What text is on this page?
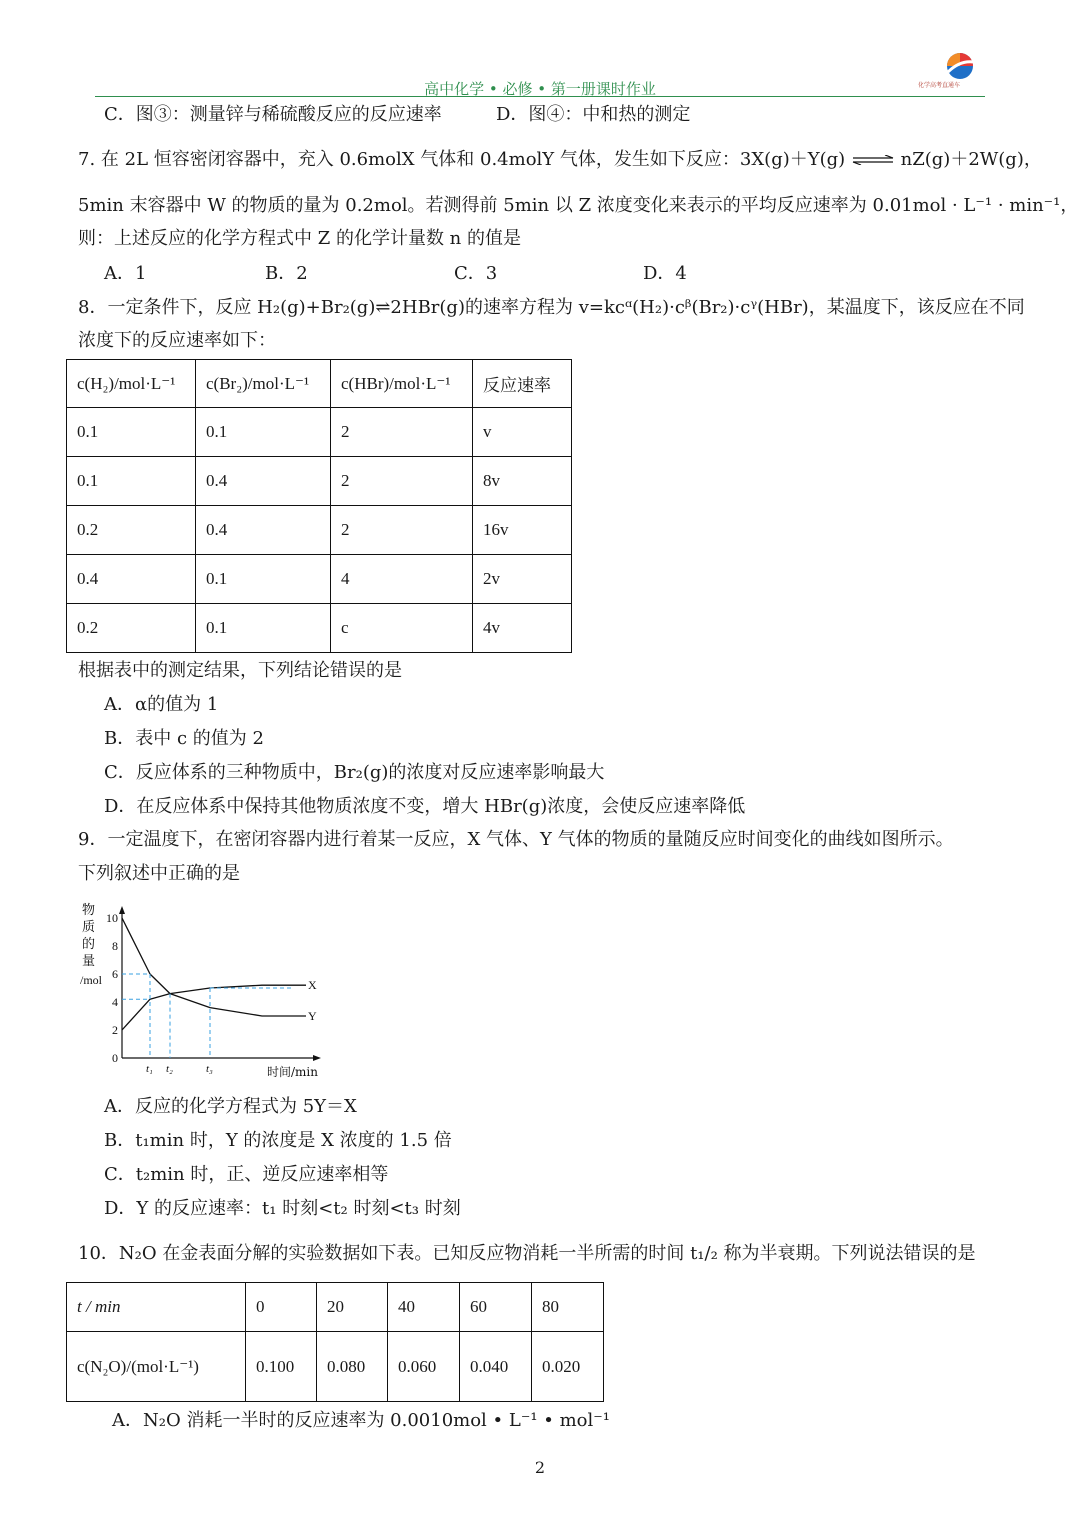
高中化学 • 必修 • 第一册课时作业	化学高考直通车
C．图③：测量锌与稀硫酸反应的反应速率	D．图④：中和热的测定
7. 在 2L 恒容密闭容器中，充入 0.6molX 气体和 0.4molY 气体，发生如下反应：3X(g)＋Y(g) ⇌ nZ(g)＋2W(g)，
5min 末容器中 W 的物质的量为 0.2mol。若测得前 5min 以 Z 浓度变化来表示的平均反应速率为 0.01mol · L⁻¹ · min⁻¹，
则：上述反应的化学方程式中 Z 的化学计量数 n 的值是
A．1	B．2	C．3	D．4
8．一定条件下，反应 H₂(g)+Br₂(g)⇌2HBr(g)的速率方程为 v=kcᵅ(H₂)·cᵝ(Br₂)·cᵞ(HBr)，某温度下，该反应在不同
浓度下的反应速率如下：
c(H₂)/mol·L⁻¹	c(Br₂)/mol·L⁻¹	c(HBr)/mol·L⁻¹	反应速率
0.1	0.1	2	v
0.1	0.4	2	8v
0.2	0.4	2	16v
0.4	0.1	4	2v
0.2	0.1	c	4v
根据表中的测定结果，下列结论错误的是
A．α的值为 1
B．表中 c 的值为 2
C．反应体系的三种物质中，Br₂(g)的浓度对反应速率影响最大
D．在反应体系中保持其他物质浓度不变，增大 HBr(g)浓度，会使反应速率降低
9．一定温度下，在密闭容器内进行着某一反应，X 气体、Y 气体的物质的量随反应时间变化的曲线如图所示。
下列叙述中正确的是
物
质
的
量
/mol
10
8
6
4
2
0
X
Y
t₁ t₂	t₃	时间/min
A．反应的化学方程式为 5Y＝X
B．t₁min 时，Y 的浓度是 X 浓度的 1.5 倍
C．t₂min 时，正、逆反应速率相等
D．Y 的反应速率：t₁ 时刻<t₂ 时刻<t₃ 时刻
10．N₂O 在金表面分解的实验数据如下表。已知反应物消耗一半所需的时间 t₁/₂ 称为半衰期。下列说法错误的是
t / min	0	20	40	60	80
c(N₂O)/(mol·L⁻¹)	0.100	0.080	0.060	0.040	0.020
A．N₂O 消耗一半时的反应速率为 0.0010mol • L⁻¹ • mol⁻¹
2
